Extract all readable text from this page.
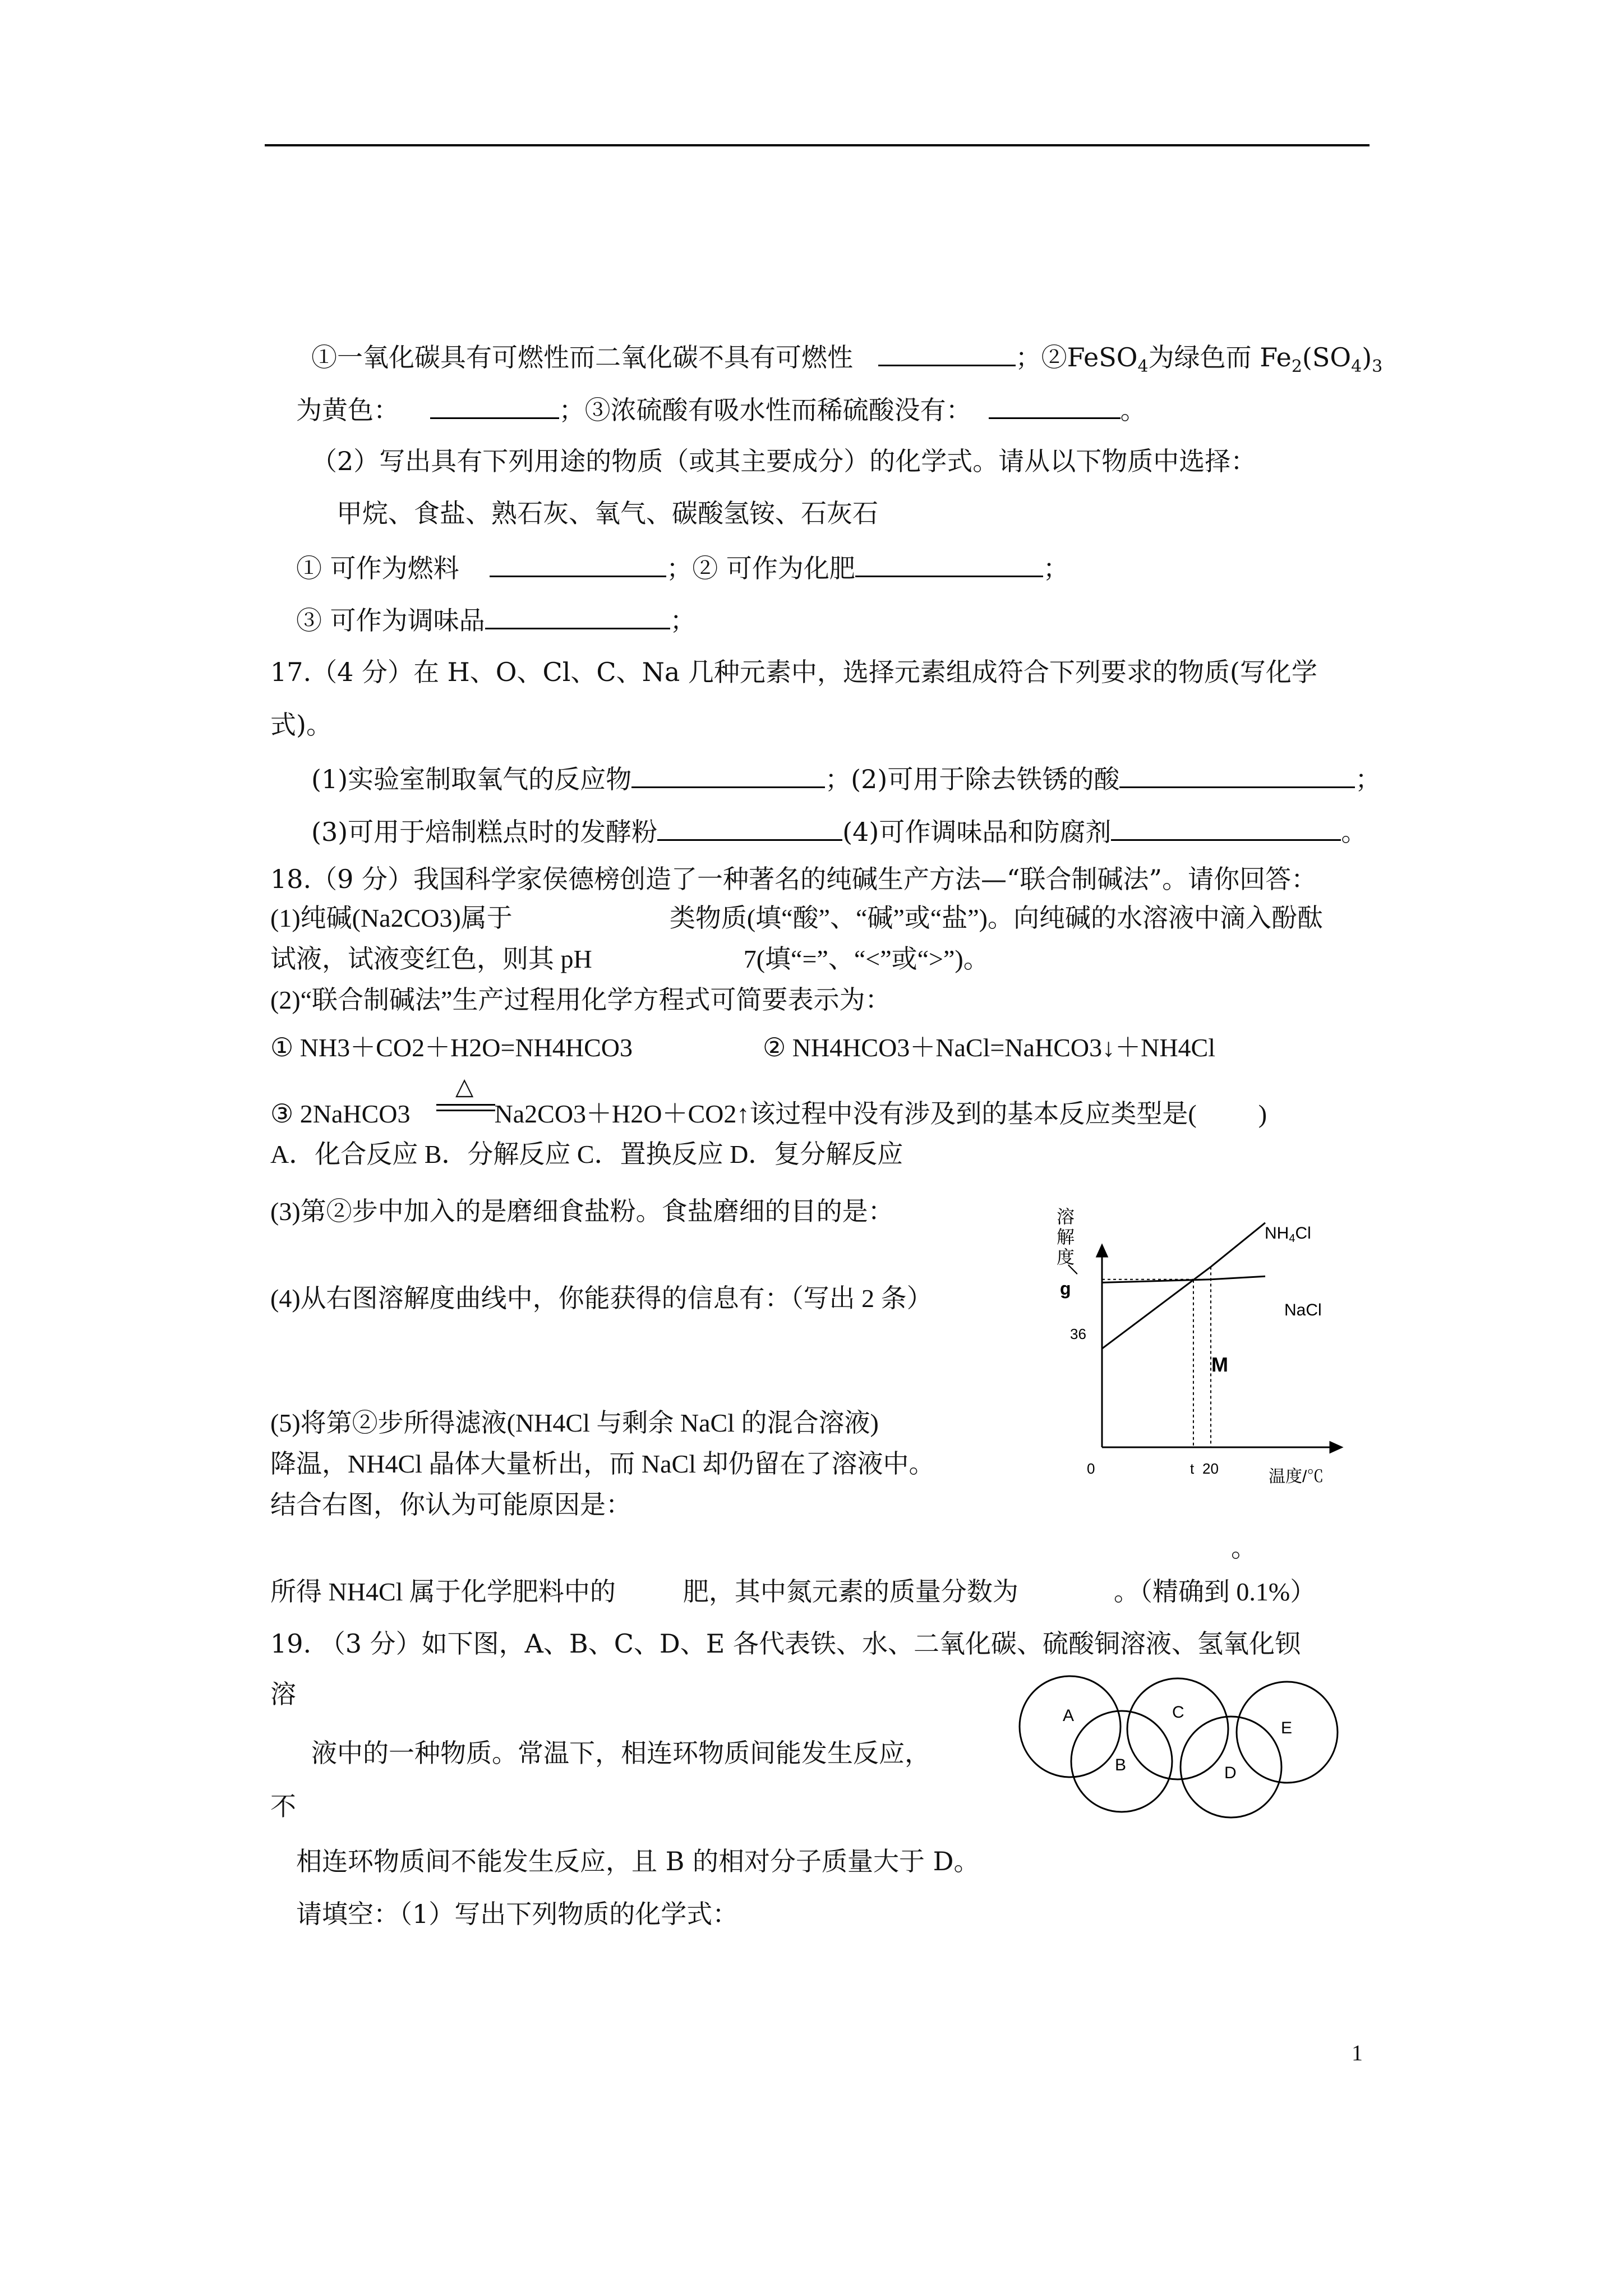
①一氧化碳具有可燃性而二氧化碳不具有可燃性	；②FeSO$_4$为绿色而 $Fe_2(SO_4)_3$
为黄色：	；③浓硫酸有吸水性而稀硫酸没有：	。
（2）写出具有下列用途的物质（或其主要成分）的化学式。请从以下物质中选择：
甲烷、食盐、熟石灰、氧气、碳酸氢铵、石灰石
① 可作为燃料	；② 可作为化肥	；
③ 可作为调味品	；
17.（4 分）在 H、O、Cl、C、Na 几种元素中，选择元素组成符合下列要求的物质(写化学
式)。
(1)实验室制取氧气的反应物	；(2)可用于除去铁锈的酸	；
(3)可用于焙制糕点时的发酵粉	(4)可作调味品和防腐剂	。
18.（9 分）我国科学家侯德榜创造了一种著名的纯碱生产方法—“联合制碱法”。请你回答：
(1)纯碱(Na2CO3)属于	类物质(填“酸”、“碱”或“盐”)。向纯碱的水溶液中滴入酚酞
试液，试液变红色，则其 pH	7(填“=”、“<”或“>”)。
(2)“联合制碱法”生产过程用化学方程式可简要表示为：
① NH3＋CO2＋H2O=NH4HCO3	② NH4HCO3＋NaCl=NaHCO3↓＋NH4Cl
△
③ 2NaHCO3	Na2CO3＋H2O＋CO2↑该过程中没有涉及到的基本反应类型是( )
A．化合反应 B．分解反应 C．置换反应 D．复分解反应
(3)第②步中加入的是磨细食盐粉。食盐磨细的目的是：
(4)从右图溶解度曲线中，你能获得的信息有：（写出 2 条）
(5)将第②步所得滤液(NH4Cl 与剩余 NaCl 的混合溶液)
降温，NH4Cl 晶体大量析出，而 NaCl 却仍留在了溶液中。
结合右图，你认为可能原因是：
。
所得 NH4Cl 属于化学肥料中的	肥，其中氮元素的质量分数为	。（精确到 0.1%）
溶
解
度
/
g
$NH_4Cl$
NaCl
M
36
0	t 20	温度/℃
19. （3 分）如下图，A、B、C、D、E 各代表铁、水、二氧化碳、硫酸铜溶液、氢氧化钡
溶
液中的一种物质。常温下，相连环物质间能发生反应，
不
相连环物质间不能发生反应，且 B 的相对分子质量大于 D。
请填空：（1）写出下列物质的化学式：
A
B
C
D
E
1
